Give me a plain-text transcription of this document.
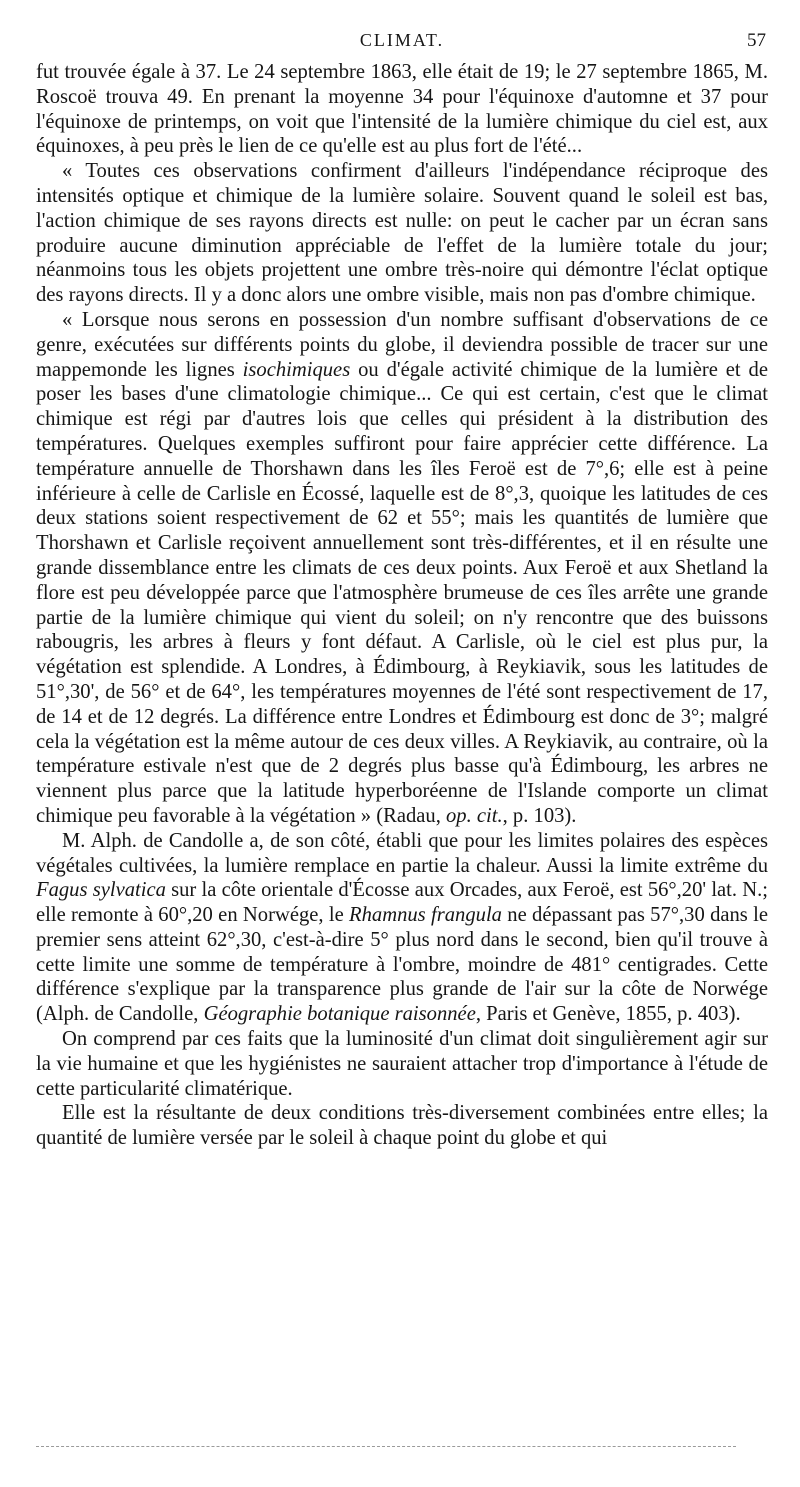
CLIMAT.	57

fut trouvée égale à 37. Le 24 septembre 1863, elle était de 19; le 27 septembre 1865, M. Roscoë trouva 49. En prenant la moyenne 34 pour l'équinoxe d'automne et 37 pour l'équinoxe de printemps, on voit que l'intensité de la lumière chimique du ciel est, aux équinoxes, à peu près le lien de ce qu'elle est au plus fort de l'été...

« Toutes ces observations confirment d'ailleurs l'indépendance réciproque des intensités optique et chimique de la lumière solaire. Souvent quand le soleil est bas, l'action chimique de ses rayons directs est nulle: on peut le cacher par un écran sans produire aucune diminution appréciable de l'effet de la lumière totale du jour; néanmoins tous les objets projettent une ombre très-noire qui démontre l'éclat optique des rayons directs. Il y a donc alors une ombre visible, mais non pas d'ombre chimique.

« Lorsque nous serons en possession d'un nombre suffisant d'observations de ce genre, exécutées sur différents points du globe, il deviendra possible de tracer sur une mappemonde les lignes isochimiques ou d'égale activité chimique de la lumière et de poser les bases d'une climatologie chimique... Ce qui est certain, c'est que le climat chimique est régi par d'autres lois que celles qui président à la distribution des températures. Quelques exemples suffiront pour faire apprécier cette différence. La température annuelle de Thorshawn dans les îles Feroë est de 7°,6; elle est à peine inférieure à celle de Carlisle en Écossé, laquelle est de 8°,3, quoique les latitudes de ces deux stations soient respectivement de 62 et 55°; mais les quantités de lumière que Thorshawn et Carlisle reçoivent annuellement sont très-différentes, et il en résulte une grande dissemblance entre les climats de ces deux points. Aux Feroë et aux Shetland la flore est peu développée parce que l'atmosphère brumeuse de ces îles arrête une grande partie de la lumière chimique qui vient du soleil; on n'y rencontre que des buissons rabougris, les arbres à fleurs y font défaut. A Carlisle, où le ciel est plus pur, la végétation est splendide. A Londres, à Édimbourg, à Reykiavik, sous les latitudes de 51°,30', de 56° et de 64°, les températures moyennes de l'été sont respectivement de 17, de 14 et de 12 degrés. La différence entre Londres et Édimbourg est donc de 3°; malgré cela la végétation est la même autour de ces deux villes. A Reykiavik, au contraire, où la température estivale n'est que de 2 degrés plus basse qu'à Édimbourg, les arbres ne viennent plus parce que la latitude hyperboréenne de l'Islande comporte un climat chimique peu favorable à la végétation » (Radau, op. cit., p. 103).

M. Alph. de Candolle a, de son côté, établi que pour les limites polaires des espèces végétales cultivées, la lumière remplace en partie la chaleur. Aussi la limite extrême du Fagus sylvatica sur la côte orientale d'Écosse aux Orcades, aux Feroë, est 56°,20' lat. N.; elle remonte à 60°,20 en Norwége, le Rhamnus frangula ne dépassant pas 57°,30 dans le premier sens atteint 62°,30, c'est-à-dire 5° plus nord dans le second, bien qu'il trouve à cette limite une somme de température à l'ombre, moindre de 481° centigrades. Cette différence s'explique par la transparence plus grande de l'air sur la côte de Norwége (Alph. de Candolle, Géographie botanique raisonnée, Paris et Genève, 1855, p. 403).

On comprend par ces faits que la luminosité d'un climat doit singulièrement agir sur la vie humaine et que les hygiénistes ne sauraient attacher trop d'importance à l'étude de cette particularité climatérique.

Elle est la résultante de deux conditions très-diversement combinées entre elles; la quantité de lumière versée par le soleil à chaque point du globe et qui
